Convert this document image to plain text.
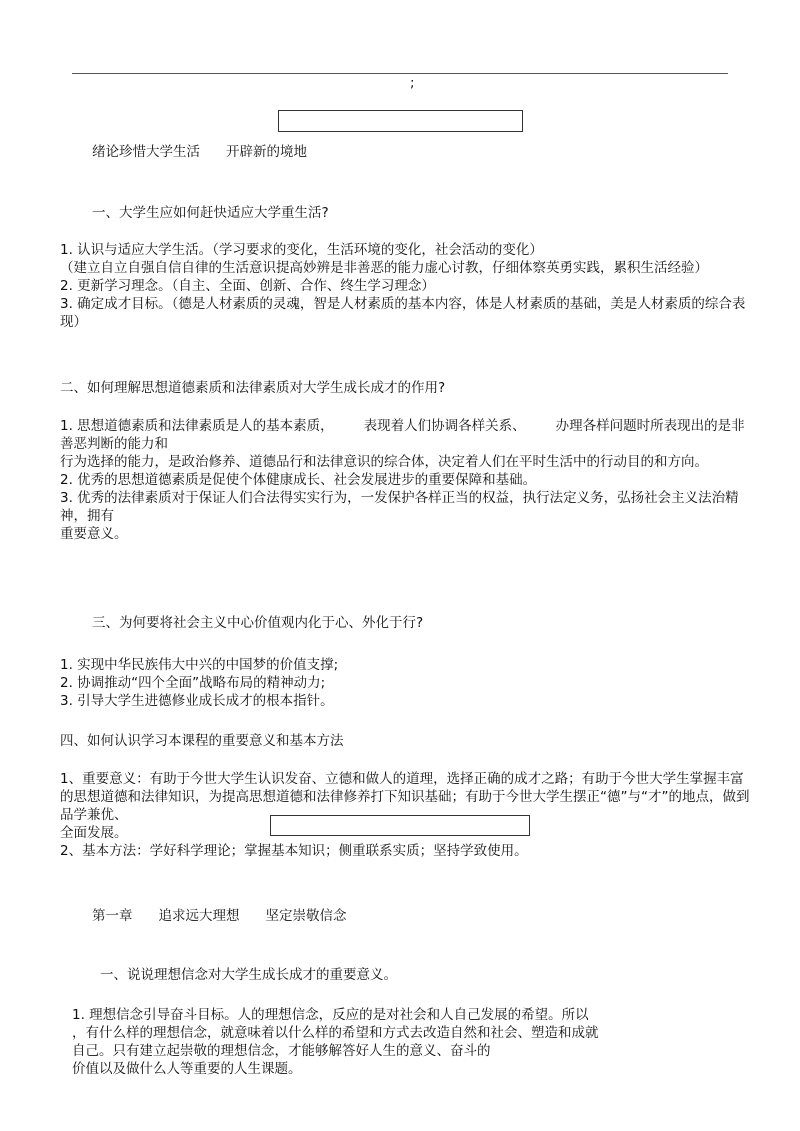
;
绪论珍惜大学生活 开辟新的境地
一、大学生应如何赶快适应大学重生活?

1. 认识与适应大学生活。（学习要求的变化，生活环境的变化，社会活动的变化）

（建立自立自强自信自律的生活意识提高妙辨是非善恶的能力虚心讨教，仔细体察英勇实践，累积生活经验）

2. 更新学习理念。（自主、全面、创新、合作、终生学习理念）

3. 确定成才目标。（德是人材素质的灵魂，智是人材素质的基本内容，体是人材素质的基础，美是人材素质的综合表现）

二、如何理解思想道德素质和法律素质对大学生成长成才的作用?

1. 思想道德素质和法律素质是人的基本素质， 表现着人们协调各样关系、 办理各样问题时所表现出的是非善恶判断的能力和

行为选择的能力，是政治修养、道德品行和法律意识的综合体，决定着人们在平时生活中的行动目的和方向。

2. 优秀的思想道德素质是促使个体健康成长、社会发展进步的重要保障和基础。

3. 优秀的法律素质对于保证人们合法得实实行为，一发保护各样正当的权益，执行法定义务，弘扬社会主义法治精神，拥有

重要意义。

三、为何要将社会主义中心价值观内化于心、外化于行?

1. 实现中华民族伟大中兴的中国梦的价值支撑;

2. 协调推动“四个全面”战略布局的精神动力;

3. 引导大学生进德修业成长成才的根本指针。

四、如何认识学习本课程的重要意义和基本方法

1、重要意义：有助于今世大学生认识发奋、立德和做人的道理，选择正确的成才之路；有助于今世大学生掌握丰富的思想道德和法律知识，为提高思想道德和法律修养打下知识基础；有助于今世大学生摆正“德”与“才”的地点，做到品学兼优、

全面发展。

2、基本方法：学好科学理论；掌握基本知识；侧重联系实质；坚持学致使用。

第一章 追求远大理想 坚定崇敬信念
一、说说理想信念对大学生成长成才的重要意义。

1. 理想信念引导奋斗目标。人的理想信念，反应的是对社会和人自己发展的希望。所以

，有什么样的理想信念，就意味着以什么样的希望和方式去改造自然和社会、塑造和成就

自己。只有建立起崇敬的理想信念，才能够解答好人生的意义、奋斗的

价值以及做什么人等重要的人生课题。
